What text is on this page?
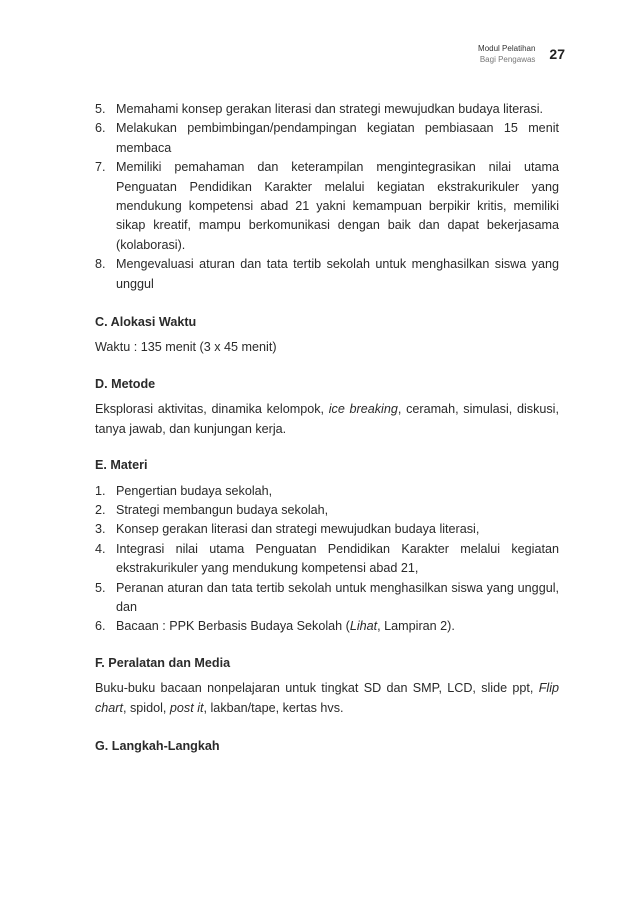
Modul Pelatihan
Bagi Pengawas 27
5. Memahami konsep gerakan literasi dan strategi mewujudkan budaya literasi.
6. Melakukan pembimbingan/pendampingan kegiatan pembiasaan 15 menit membaca
7. Memiliki pemahaman dan keterampilan mengintegrasikan nilai utama Penguatan Pendidikan Karakter melalui kegiatan ekstrakurikuler yang mendukung kompetensi abad 21 yakni kemampuan berpikir kritis, memiliki sikap kreatif, mampu berkomunikasi dengan baik dan dapat bekerjasama (kolaborasi).
8. Mengevaluasi aturan dan tata tertib sekolah untuk menghasilkan siswa yang unggul
C. Alokasi Waktu

Waktu : 135 menit (3 x 45 menit)

D. Metode

Eksplorasi aktivitas, dinamika kelompok, ice breaking, ceramah, simulasi, diskusi, tanya jawab, dan kunjungan kerja.

E. Materi
1. Pengertian budaya sekolah,
2. Strategi membangun budaya sekolah,
3. Konsep gerakan literasi dan strategi mewujudkan budaya literasi,
4. Integrasi nilai utama Penguatan Pendidikan Karakter melalui kegiatan ekstrakurikuler yang mendukung kompetensi abad 21,
5. Peranan aturan dan tata tertib sekolah untuk menghasilkan siswa yang unggul, dan
6. Bacaan : PPK Berbasis Budaya Sekolah (Lihat, Lampiran 2).
F. Peralatan dan Media

Buku-buku bacaan nonpelajaran untuk tingkat SD dan SMP, LCD, slide ppt, Flip chart, spidol, post it, lakban/tape, kertas hvs.

G. Langkah-Langkah
